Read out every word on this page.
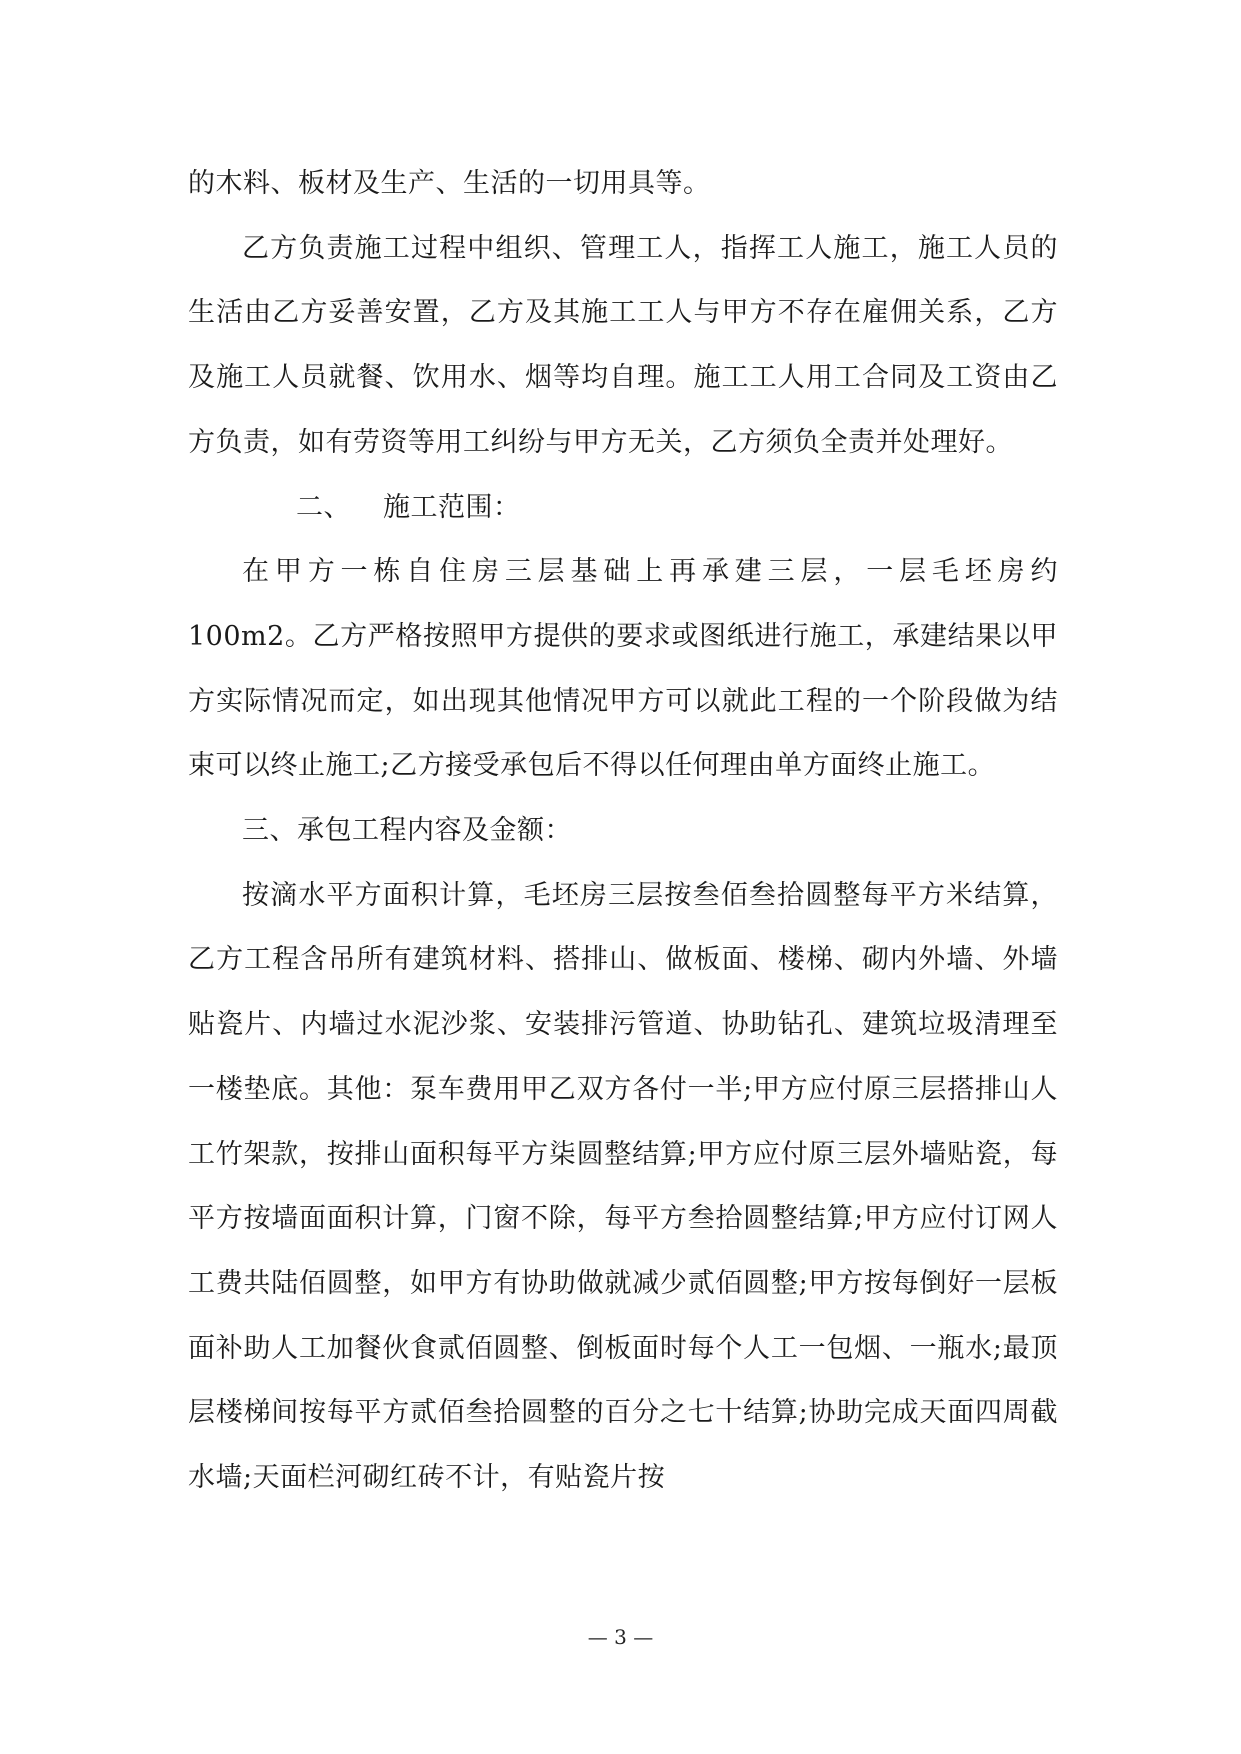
的木料、板材及生产、生活的一切用具等。

乙方负责施工过程中组织、管理工人，指挥工人施工，施工人员的生活由乙方妥善安置，乙方及其施工工人与甲方不存在雇佣关系，乙方及施工人员就餐、饮用水、烟等均自理。施工工人用工合同及工资由乙方负责，如有劳资等用工纠纷与甲方无关，乙方须负全责并处理好。

二、 施工范围：

在甲方一栋自住房三层基础上再承建三层，一层毛坯房约 100m2。乙方严格按照甲方提供的要求或图纸进行施工，承建结果以甲方实际情况而定，如出现其他情况甲方可以就此工程的一个阶段做为结束可以终止施工;乙方接受承包后不得以任何理由单方面终止施工。

三、承包工程内容及金额：

按滴水平方面积计算，毛坯房三层按叁佰叁拾圆整每平方米结算，乙方工程含吊所有建筑材料、搭排山、做板面、楼梯、砌内外墙、外墙贴瓷片、内墙过水泥沙浆、安装排污管道、协助钻孔、建筑垃圾清理至一楼垫底。其他：泵车费用甲乙双方各付一半;甲方应付原三层搭排山人工竹架款，按排山面积每平方柒圆整结算;甲方应付原三层外墙贴瓷，每平方按墙面面积计算，门窗不除，每平方叁拾圆整结算;甲方应付订网人工费共陆佰圆整，如甲方有协助做就减少贰佰圆整;甲方按每倒好一层板面补助人工加餐伙食贰佰圆整、倒板面时每个人工一包烟、一瓶水;最顶层楼梯间按每平方贰佰叁拾圆整的百分之七十结算;协助完成天面四周截水墙;天面栏河砌红砖不计，有贴瓷片按

— 3 —
